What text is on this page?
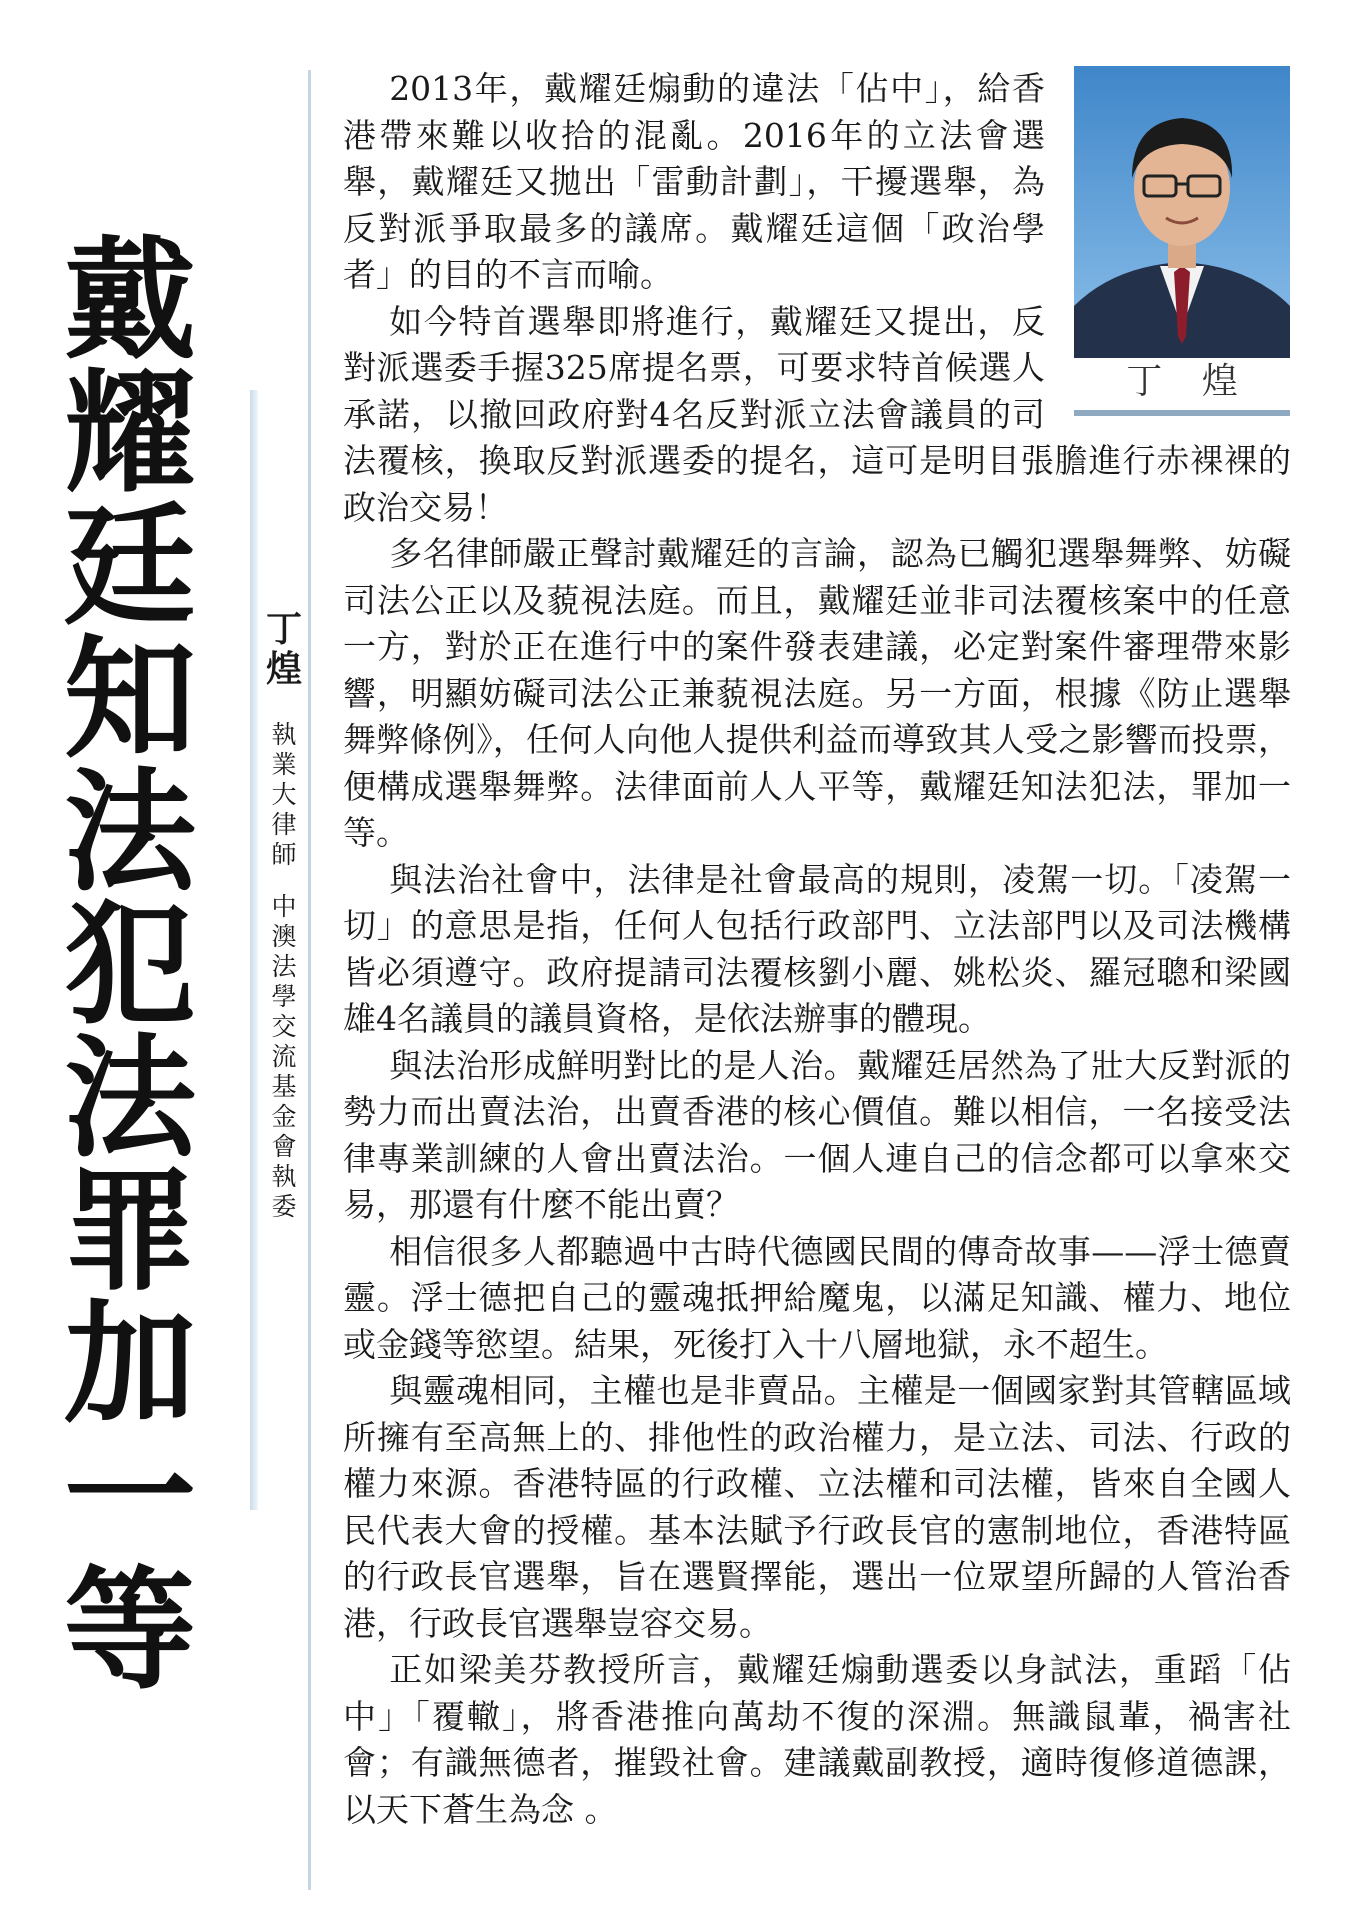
戴
耀
廷
知
法
犯
法
罪
加
一
等
丁
煌
執
業
大
律
師
中
澳
法
學
交
流
基
金
會
執
委
丁 煌

2013年，戴耀廷煽動的違法「佔中」，給香港帶來難以收拾的混亂。2016年的立法會選舉，戴耀廷又拋出「雷動計劃」，干擾選舉，為反對派爭取最多的議席。戴耀廷這個「政治學者」的目的不言而喻。

如今特首選舉即將進行，戴耀廷又提出，反對派選委手握325席提名票，可要求特首候選人承諾，以撤回政府對4名反對派立法會議員的司法覆核，換取反對派選委的提名，這可是明目張膽進行赤裸裸的政治交易！

多名律師嚴正聲討戴耀廷的言論，認為已觸犯選舉舞弊、妨礙司法公正以及藐視法庭。而且，戴耀廷並非司法覆核案中的任意一方，對於正在進行中的案件發表建議，必定對案件審理帶來影響，明顯妨礙司法公正兼藐視法庭。另一方面，根據《防止選舉舞弊條例》，任何人向他人提供利益而導致其人受之影響而投票，便構成選舉舞弊。法律面前人人平等，戴耀廷知法犯法，罪加一等。

與法治社會中，法律是社會最高的規則，凌駕一切。「凌駕一切」的意思是指，任何人包括行政部門、立法部門以及司法機構皆必須遵守。政府提請司法覆核劉小麗、姚松炎、羅冠聰和梁國雄4名議員的議員資格，是依法辦事的體現。

與法治形成鮮明對比的是人治。戴耀廷居然為了壯大反對派的勢力而出賣法治，出賣香港的核心價值。難以相信，一名接受法律專業訓練的人會出賣法治。一個人連自己的信念都可以拿來交易，那還有什麼不能出賣？

相信很多人都聽過中古時代德國民間的傳奇故事——浮士德賣靈。浮士德把自己的靈魂抵押給魔鬼，以滿足知識、權力、地位或金錢等慾望。結果，死後打入十八層地獄，永不超生。

與靈魂相同，主權也是非賣品。主權是一個國家對其管轄區域所擁有至高無上的、排他性的政治權力，是立法、司法、行政的權力來源。香港特區的行政權、立法權和司法權，皆來自全國人民代表大會的授權。基本法賦予行政長官的憲制地位，香港特區的行政長官選舉，旨在選賢擇能，選出一位眾望所歸的人管治香港，行政長官選舉豈容交易。

正如梁美芬教授所言，戴耀廷煽動選委以身試法，重蹈「佔中」「覆轍」，將香港推向萬劫不復的深淵。無識鼠輩，禍害社會；有識無德者，摧毀社會。建議戴副教授，適時復修道德課，以天下蒼生為念 。
